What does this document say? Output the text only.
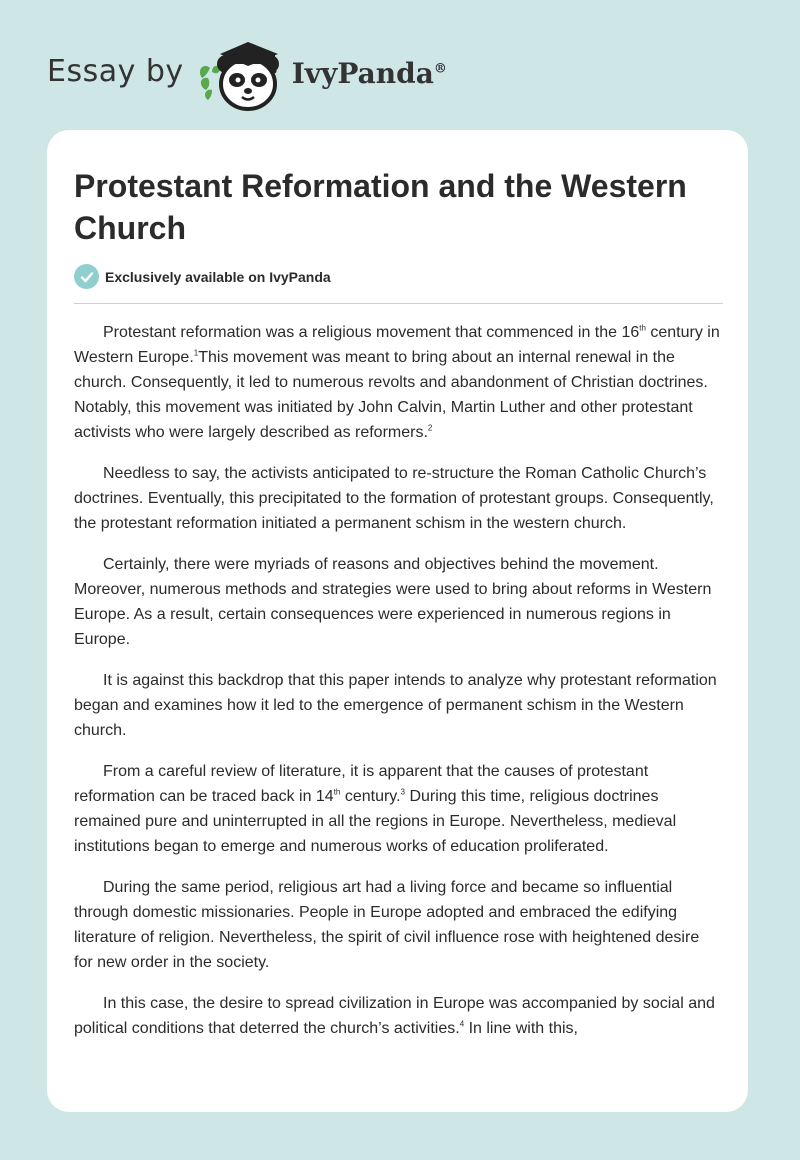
Essay by	IvyPanda®
Protestant Reformation and the Western Church
Exclusively available on IvyPanda

Protestant reformation was a religious movement that commenced in the 16th century in Western Europe.$^1$This movement was meant to bring about an internal renewal in the church. Consequently, it led to numerous revolts and abandonment of Christian doctrines. Notably, this movement was initiated by John Calvin, Martin Luther and other protestant activists who were largely described as reformers.$^2$

Needless to say, the activists anticipated to re-structure the Roman Catholic Church’s doctrines. Eventually, this precipitated to the formation of protestant groups. Consequently, the protestant reformation initiated a permanent schism in the western church.

Certainly, there were myriads of reasons and objectives behind the movement. Moreover, numerous methods and strategies were used to bring about reforms in Western Europe. As a result, certain consequences were experienced in numerous regions in Europe.

It is against this backdrop that this paper intends to analyze why protestant reformation began and examines how it led to the emergence of permanent schism in the Western church.

From a careful review of literature, it is apparent that the causes of protestant reformation can be traced back in 14th century.$^3$ During this time, religious doctrines remained pure and uninterrupted in all the regions in Europe. Nevertheless, medieval institutions began to emerge and numerous works of education proliferated.

During the same period, religious art had a living force and became so influential through domestic missionaries. People in Europe adopted and embraced the edifying literature of religion. Nevertheless, the spirit of civil influence rose with heightened desire for new order in the society.

In this case, the desire to spread civilization in Europe was accompanied by social and political conditions that deterred the church’s activities.$^4$ In line with this,
